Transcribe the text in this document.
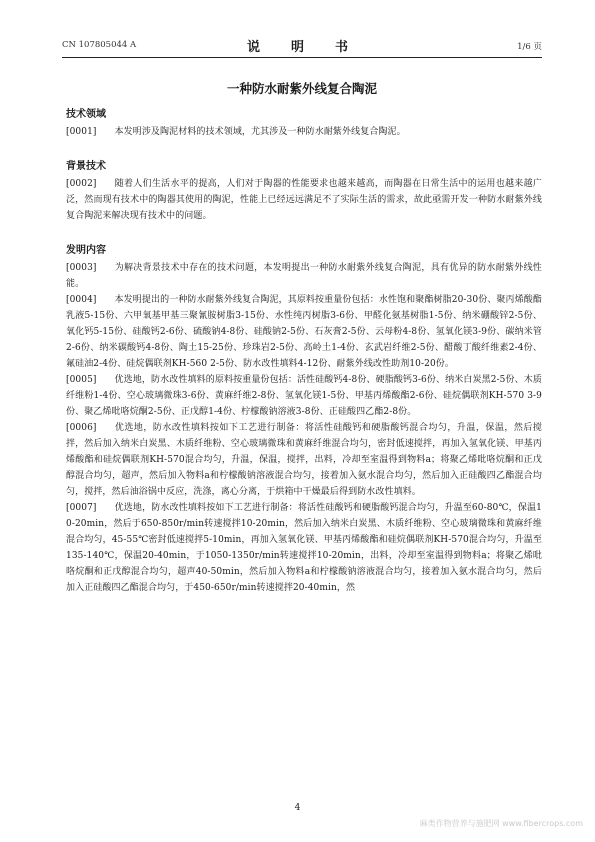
CN 107805044 A	说　明　书	1/6 页
一种防水耐紫外线复合陶泥
技术领域

[0001] 本发明涉及陶泥材料的技术领域，尤其涉及一种防水耐紫外线复合陶泥。

背景技术

[0002] 随着人们生活水平的提高，人们对于陶器的性能要求也越来越高，而陶器在日常生活中的运用也越来越广泛，然而现有技术中的陶器其使用的陶泥，性能上已经远远满足不了实际生活的需求，故此亟需开发一种防水耐紫外线复合陶泥来解决现有技术中的问题。

发明内容

[0003] 为解决背景技术中存在的技术问题，本发明提出一种防水耐紫外线复合陶泥，具有优异的防水耐紫外线性能。

[0004] 本发明提出的一种防水耐紫外线复合陶泥，其原料按重量份包括：水性饱和聚酯树脂20-30份、聚丙烯酸酯乳液5-15份、六甲氧基甲基三聚氰胺树脂3-15份、水性纯丙树脂3-6份、甲醛化氨基树脂1-5份、纳米硼酸锌2-5份、氧化钙5-15份、硅酸钙2-6份、硫酸钠4-8份、硅酸钠2-5份、石灰膏2-5份、云母粉4-8份、氢氧化镁3-9份、碳纳米管2-6份、纳米碳酸钙4-8份、陶土15-25份、珍珠岩2-5份、高岭土1-4份、玄武岩纤维2-5份、醋酸丁酸纤维素2-4份、氟硅油2-4份、硅烷偶联剂KH-560 2-5份、防水改性填料4-12份、耐紫外线改性助剂10-20份。

[0005] 优选地，防水改性填料的原料按重量份包括：活性硅酸钙4-8份、硬脂酸钙3-6份、纳米白炭黑2-5份、木质纤维粉1-4份、空心玻璃微珠3-6份、黄麻纤维2-8份、氢氧化镁1-5份、甲基丙烯酸酯2-6份、硅烷偶联剂KH-570 3-9份、聚乙烯吡咯烷酮2-5份、正戊醇1-4份、柠檬酸钠溶液3-8份、正硅酸四乙酯2-8份。

[0006] 优选地，防水改性填料按如下工艺进行制备：将活性硅酸钙和硬脂酸钙混合均匀，升温，保温，然后搅拌，然后加入纳米白炭黑、木质纤维粉、空心玻璃微珠和黄麻纤维混合均匀，密封低速搅拌，再加入氢氧化镁、甲基丙烯酸酯和硅烷偶联剂KH-570混合均匀，升温，保温，搅拌，出料，冷却至室温得到物料a；将聚乙烯吡咯烷酮和正戊醇混合均匀，超声，然后加入物料a和柠檬酸钠溶液混合均匀，接着加入氨水混合均匀，然后加入正硅酸四乙酯混合均匀，搅拌，然后油浴锅中反应，洗涤，离心分离，于烘箱中干燥最后得到防水改性填料。

[0007] 优选地，防水改性填料按如下工艺进行制备：将活性硅酸钙和硬脂酸钙混合均匀，升温至60-80℃，保温10-20min，然后于650-850r/min转速搅拌10-20min，然后加入纳米白炭黑、木质纤维粉、空心玻璃微珠和黄麻纤维混合均匀，45-55℃密封低速搅拌5-10min，再加入氢氧化镁、甲基丙烯酸酯和硅烷偶联剂KH-570混合均匀，升温至135-140℃，保温20-40min，于1050-1350r/min转速搅拌10-20min，出料，冷却至室温得到物料a；将聚乙烯吡咯烷酮和正戊醇混合均匀，超声40-50min，然后加入物料a和柠檬酸钠溶液混合均匀，接着加入氨水混合均匀，然后加入正硅酸四乙酯混合均匀，于450-650r/min转速搅拌20-40min，然

4
麻类作物营养与施肥网 www.fibercrops.com
